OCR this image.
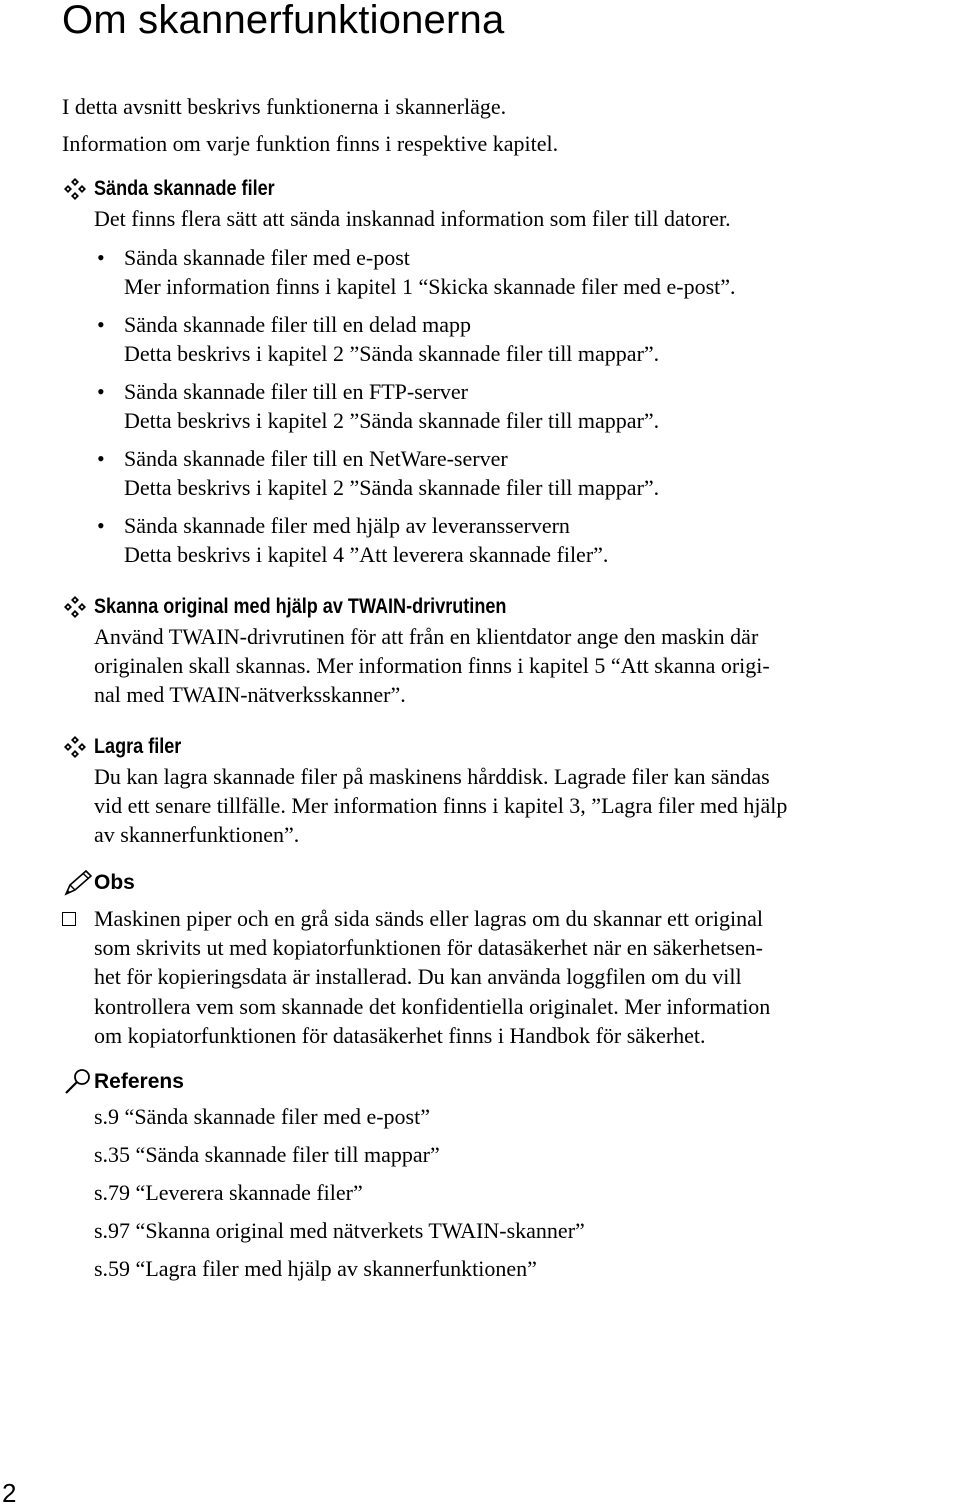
Om skannerfunktionerna
I detta avsnitt beskrivs funktionerna i skannerläge.
Information om varje funktion finns i respektive kapitel.
Sända skannade filer
Det finns flera sätt att sända inskannad information som filer till datorer.
• Sända skannade filer med e-post
Mer information finns i kapitel 1 “Skicka skannade filer med e-post”.
• Sända skannade filer till en delad mapp
Detta beskrivs i kapitel 2 ”Sända skannade filer till mappar”.
• Sända skannade filer till en FTP-server
Detta beskrivs i kapitel 2 ”Sända skannade filer till mappar”.
• Sända skannade filer till en NetWare-server
Detta beskrivs i kapitel 2 ”Sända skannade filer till mappar”.
• Sända skannade filer med hjälp av leveransservern
Detta beskrivs i kapitel 4 ”Att leverera skannade filer”.
Skanna original med hjälp av TWAIN-drivrutinen
Använd TWAIN-drivrutinen för att från en klientdator ange den maskin där
originalen skall skannas. Mer information finns i kapitel 5 “Att skanna origi-
nal med TWAIN-nätverksskanner”.
Lagra filer
Du kan lagra skannade filer på maskinens hårddisk. Lagrade filer kan sändas
vid ett senare tillfälle. Mer information finns i kapitel 3, ”Lagra filer med hjälp
av skannerfunktionen”.
Obs
Maskinen piper och en grå sida sänds eller lagras om du skannar ett original
som skrivits ut med kopiatorfunktionen för datasäkerhet när en säkerhetsen-
het för kopieringsdata är installerad. Du kan använda loggfilen om du vill
kontrollera vem som skannade det konfidentiella originalet. Mer information
om kopiatorfunktionen för datasäkerhet finns i Handbok för säkerhet.
Referens
s.9 “Sända skannade filer med e-post”
s.35 “Sända skannade filer till mappar”
s.79 “Leverera skannade filer”
s.97 “Skanna original med nätverkets TWAIN-skanner”
s.59 “Lagra filer med hjälp av skannerfunktionen”
2
